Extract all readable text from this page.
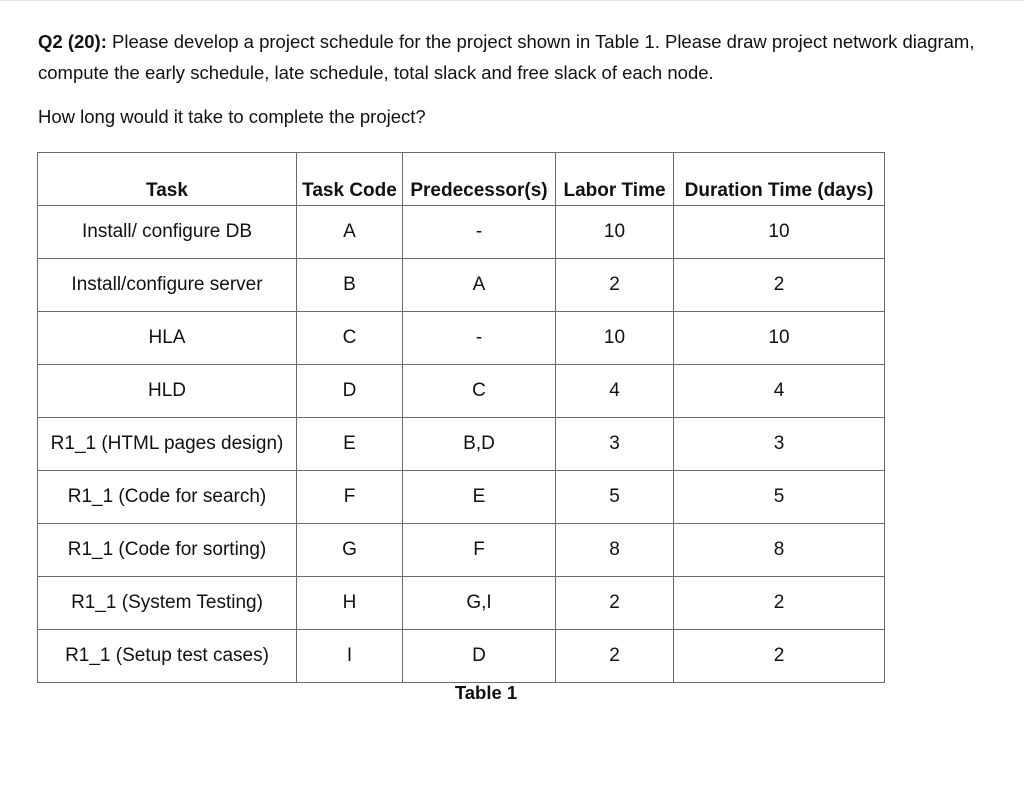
Q2 (20): Please develop a project schedule for the project shown in Table 1. Please draw project network diagram, compute the early schedule, late schedule, total slack and free slack of each node.
How long would it take to complete the project?
Task	Task Code	Predecessor(s)	Labor Time	Duration Time (days)
Install/ configure DB	A	-	10	10
Install/configure server	B	A	2	2
HLA	C	-	10	10
HLD	D	C	4	4
R1_1 (HTML pages design)	E	B,D	3	3
R1_1 (Code for search)	F	E	5	5
R1_1 (Code for sorting)	G	F	8	8
R1_1 (System Testing)	H	G,I	2	2
R1_1 (Setup test cases)	I	D	2	2
Table 1
